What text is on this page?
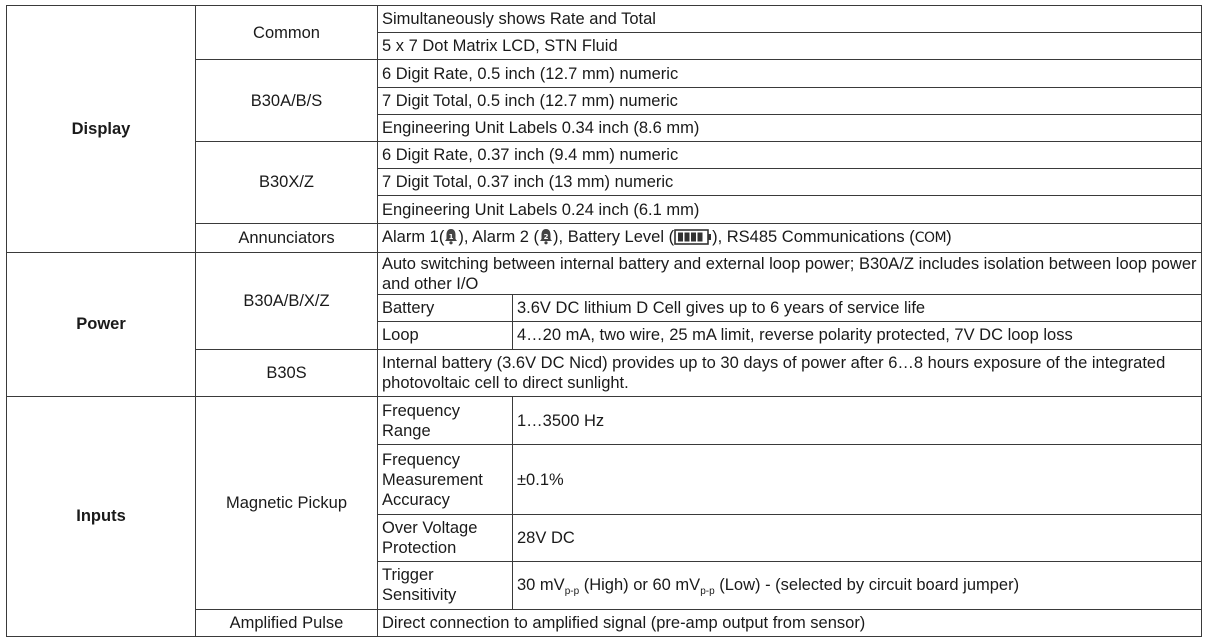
Display	Common	Simultaneously shows Rate and Total	
		5 x 7 Dot Matrix LCD, STN Fluid	
	B30A/B/S	6 Digit Rate, 0.5 inch (12.7 mm) numeric	
		7 Digit Total, 0.5 inch (12.7 mm) numeric	
		Engineering Unit Labels 0.34 inch (8.6 mm)	
	B30X/Z	6 Digit Rate, 0.37 inch (9.4 mm) numeric	
		7 Digit Total, 0.37 inch (13 mm) numeric	
		Engineering Unit Labels 0.24 inch (6.1 mm)	
	Annunciators	Alarm 1( 1 ), Alarm 2 ( 2 ), Battery Level ( ), RS485 Communications (COM)	
Power	B30A/B/X/Z	Auto switching between internal battery and external loop power; B30A/Z includes isolation between loop power and other I/O	
		Battery	3.6V DC lithium D Cell gives up to 6 years of service life
		Loop	4…20 mA, two wire, 25 mA limit, reverse polarity protected, 7V DC loop loss
	B30S	Internal battery (3.6V DC Nicd) provides up to 30 days of power after 6…8 hours exposure of the integrated photovoltaic cell to direct sunlight.	
Inputs	Magnetic Pickup	Frequency Range	1…3500 Hz
		Frequency Measurement Accuracy	±0.1%
		Over Voltage Protection	28V DC
		Trigger Sensitivity	30 $mV_{p-p}$ (High) or 60 $mV_{p-p}$ (Low) - (selected by circuit board jumper)
	Amplified Pulse	Direct connection to amplified signal (pre-amp output from sensor)	
